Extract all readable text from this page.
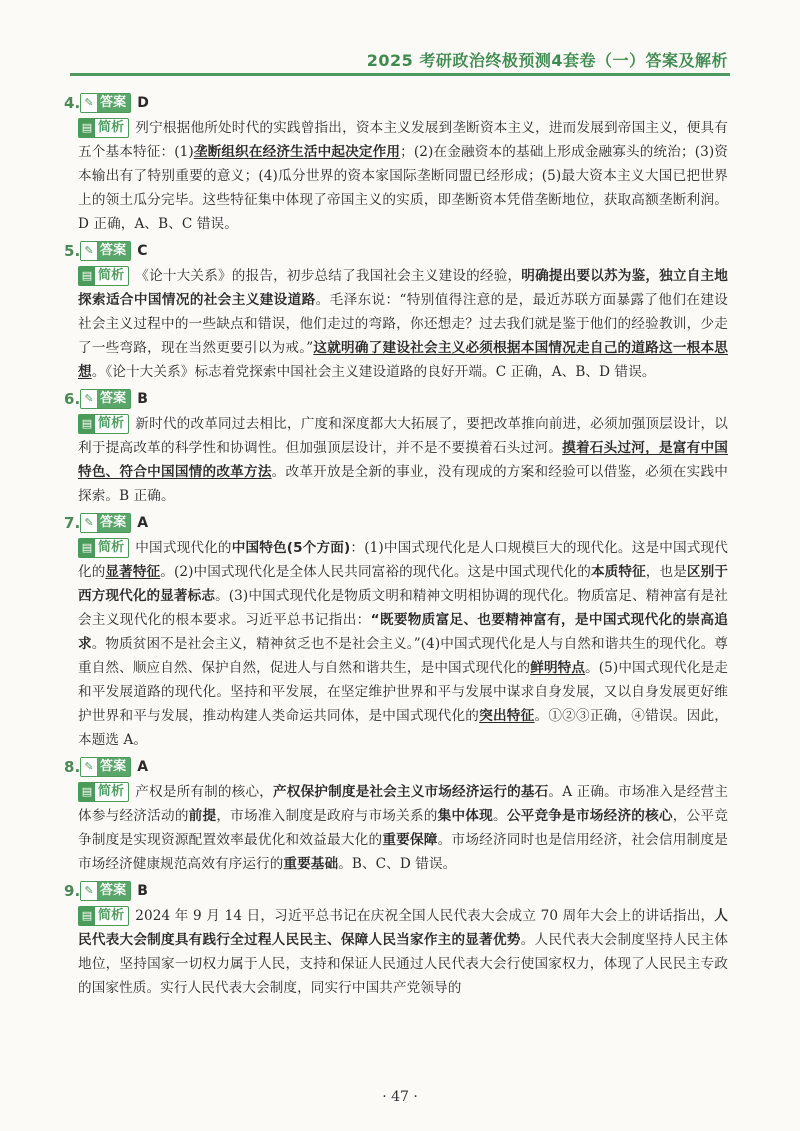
2025 考研政治终极预测4套卷（一）答案及解析
4. ✎ 答案 D

▤ 简析 列宁根据他所处时代的实践曾指出，资本主义发展到垄断资本主义，进而发展到帝国主义，便具有五个基本特征：(1)垄断组织在经济生活中起决定作用；(2)在金融资本的基础上形成金融寡头的统治；(3)资本输出有了特别重要的意义；(4)瓜分世界的资本家国际垄断同盟已经形成；(5)最大资本主义大国已把世界上的领土瓜分完毕。这些特征集中体现了帝国主义的实质，即垄断资本凭借垄断地位，获取高额垄断利润。D 正确，A、B、C 错误。

5. ✎ 答案 C

▤ 简析 《论十大关系》的报告，初步总结了我国社会主义建设的经验，明确提出要以苏为鉴，独立自主地探索适合中国情况的社会主义建设道路。毛泽东说：“特别值得注意的是，最近苏联方面暴露了他们在建设社会主义过程中的一些缺点和错误，他们走过的弯路，你还想走？过去我们就是鉴于他们的经验教训，少走了一些弯路，现在当然更要引以为戒。”这就明确了建设社会主义必须根据本国情况走自己的道路这一根本思想。《论十大关系》标志着党探索中国社会主义建设道路的良好开端。C 正确，A、B、D 错误。

6. ✎ 答案 B

▤ 简析 新时代的改革同过去相比，广度和深度都大大拓展了，要把改革推向前进，必须加强顶层设计，以利于提高改革的科学性和协调性。但加强顶层设计，并不是不要摸着石头过河。摸着石头过河，是富有中国特色、符合中国国情的改革方法。改革开放是全新的事业，没有现成的方案和经验可以借鉴，必须在实践中探索。B 正确。

7. ✎ 答案 A

▤ 简析 中国式现代化的中国特色(5个方面)：(1)中国式现代化是人口规模巨大的现代化。这是中国式现代化的显著特征。(2)中国式现代化是全体人民共同富裕的现代化。这是中国式现代化的本质特征，也是区别于西方现代化的显著标志。(3)中国式现代化是物质文明和精神文明相协调的现代化。物质富足、精神富有是社会主义现代化的根本要求。习近平总书记指出：“既要物质富足、也要精神富有，是中国式现代化的崇高追求。物质贫困不是社会主义，精神贫乏也不是社会主义。”(4)中国式现代化是人与自然和谐共生的现代化。尊重自然、顺应自然、保护自然，促进人与自然和谐共生，是中国式现代化的鲜明特点。(5)中国式现代化是走和平发展道路的现代化。坚持和平发展，在坚定维护世界和平与发展中谋求自身发展，又以自身发展更好维护世界和平与发展，推动构建人类命运共同体，是中国式现代化的突出特征。①②③正确，④错误。因此，本题选 A。

8. ✎ 答案 A

▤ 简析 产权是所有制的核心，产权保护制度是社会主义市场经济运行的基石。A 正确。市场准入是经营主体参与经济活动的前提，市场准入制度是政府与市场关系的集中体现。公平竞争是市场经济的核心，公平竞争制度是实现资源配置效率最优化和效益最大化的重要保障。市场经济同时也是信用经济，社会信用制度是市场经济健康规范高效有序运行的重要基础。B、C、D 错误。

9. ✎ 答案 B

▤ 简析 2024 年 9 月 14 日，习近平总书记在庆祝全国人民代表大会成立 70 周年大会上的讲话指出，人民代表大会制度具有践行全过程人民民主、保障人民当家作主的显著优势。人民代表大会制度坚持人民主体地位，坚持国家一切权力属于人民，支持和保证人民通过人民代表大会行使国家权力，体现了人民民主专政的国家性质。实行人民代表大会制度，同实行中国共产党领导的

· 47 ·
